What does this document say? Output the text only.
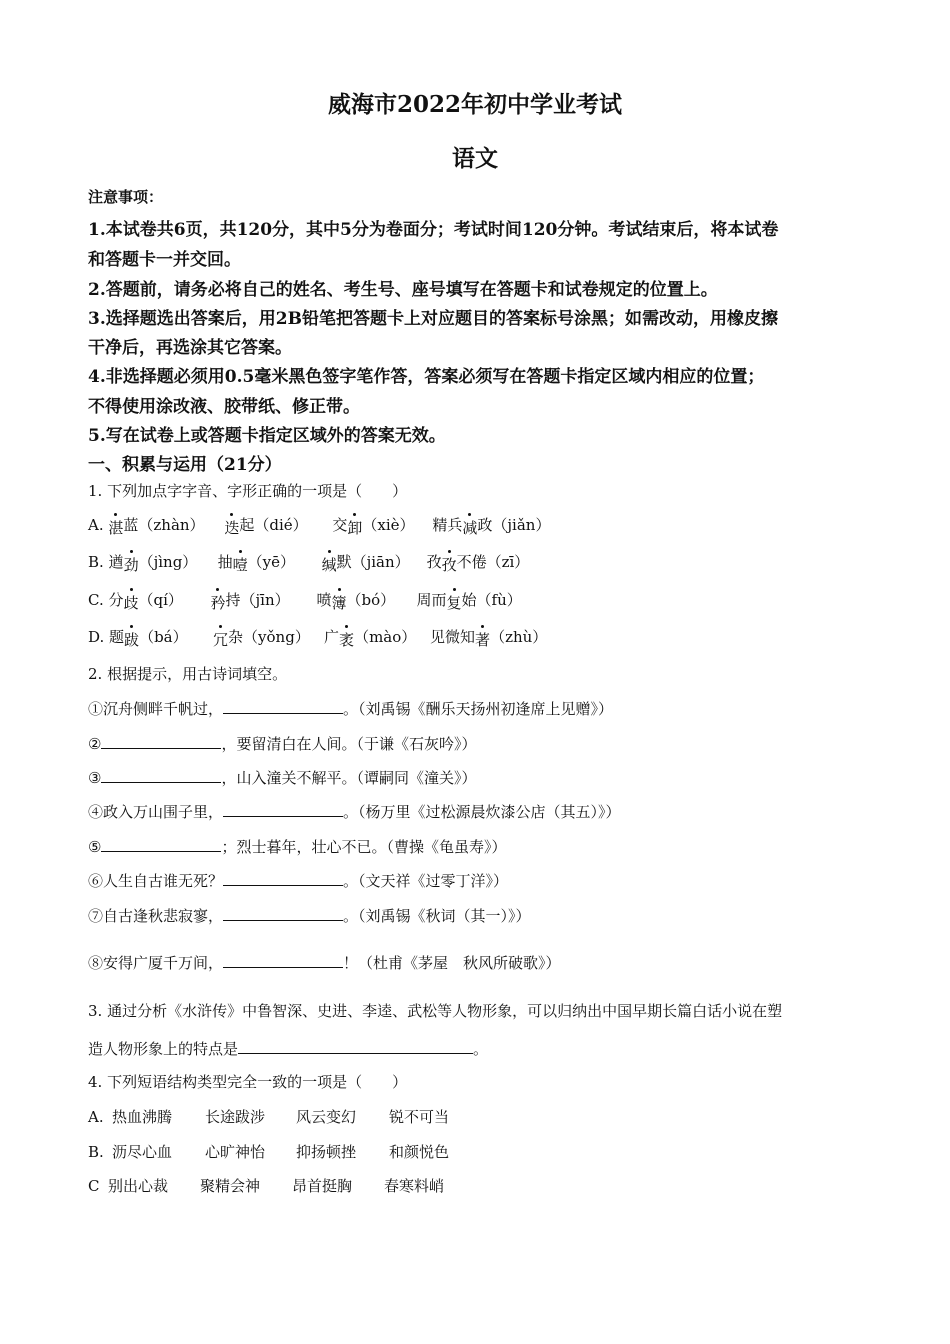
威海市2022年初中学业考试
语文
注意事项：
1.本试卷共6页，共120分，其中5分为卷面分；考试时间120分钟。考试结束后，将本试卷
和答题卡一并交回。
2.答题前，请务必将自己的姓名、考生号、座号填写在答题卡和试卷规定的位置上。
3.选择题选出答案后，用2B铅笔把答题卡上对应题目的答案标号涂黑；如需改动，用橡皮擦
干净后，再选涂其它答案。
4.非选择题必须用0.5毫米黑色签字笔作答，答案必须写在答题卡指定区域内相应的位置；
不得使用涂改液、胶带纸、修正带。
5.写在试卷上或答题卡指定区域外的答案无效。
一、积累与运用（21分）
1. 下列加点字字音、字形正确的一项是（　　）
A. 湛蓝（zhàn） 迭起（dié） 交卸（xiè） 精兵减政（jiǎn）
B. 遒劲（jìng） 抽噎（yē） 缄默（jiān） 孜孜不倦（zī）
C. 分歧（qí） 矜持（jīn） 喷簿（bó） 周而复始（fù）
D. 题跋（bá） 冗杂（yǒng） 广袤（mào） 见微知著（zhù）
2. 根据提示，用古诗词填空。
①沉舟侧畔千帆过，	。（刘禹锡《酬乐天扬州初逢席上见赠》）
②	，要留清白在人间。（于谦《石灰吟》）
③	，山入潼关不解平。（谭嗣同《潼关》）
④政入万山围子里，	。（杨万里《过松源晨炊漆公店（其五）》）
⑤	；烈士暮年，壮心不已。（曹操《龟虽寿》）
⑥人生自古谁无死？	。（文天祥《过零丁洋》）
⑦自古逢秋悲寂寥，	。（刘禹锡《秋词（其一）》）
⑧安得广厦千万间，	！（杜甫《茅屋　秋风所破歌》）
3. 通过分析《水浒传》中鲁智深、史进、李逵、武松等人物形象，可以归纳出中国早期长篇白话小说在塑
造人物形象上的特点是	。
4. 下列短语结构类型完全一致的一项是（　　）
A. 热血沸腾 长途跋涉 风云变幻 锐不可当
B. 沥尽心血 心旷神怡 抑扬顿挫 和颜悦色
C 别出心裁 聚精会神 昂首挺胸 春寒料峭
